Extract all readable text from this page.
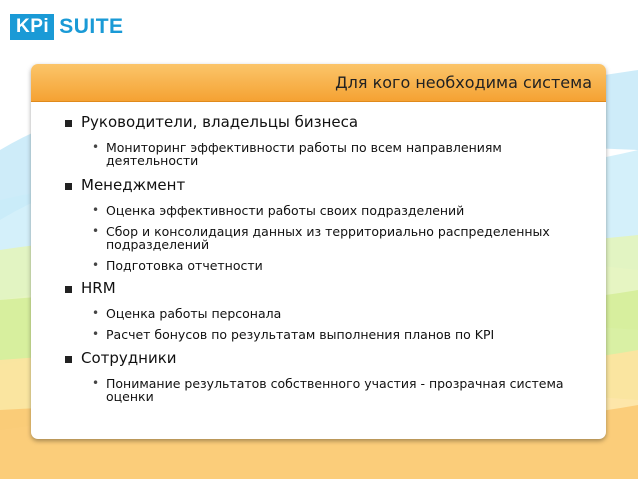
KPi SUITE
Для кого необходима система
Руководители, владельцы бизнеса
• Мониторинг эффективности работы по всем направлениям деятельности
Менеджмент
• Оценка эффективности работы своих подразделений
• Сбор и консолидация данных из территориально распределенных подразделений
• Подготовка отчетности
HRM
• Оценка работы персонала
• Расчет бонусов по результатам выполнения планов по KPI
Сотрудники
• Понимание результатов собственного участия - прозрачная система оценки
